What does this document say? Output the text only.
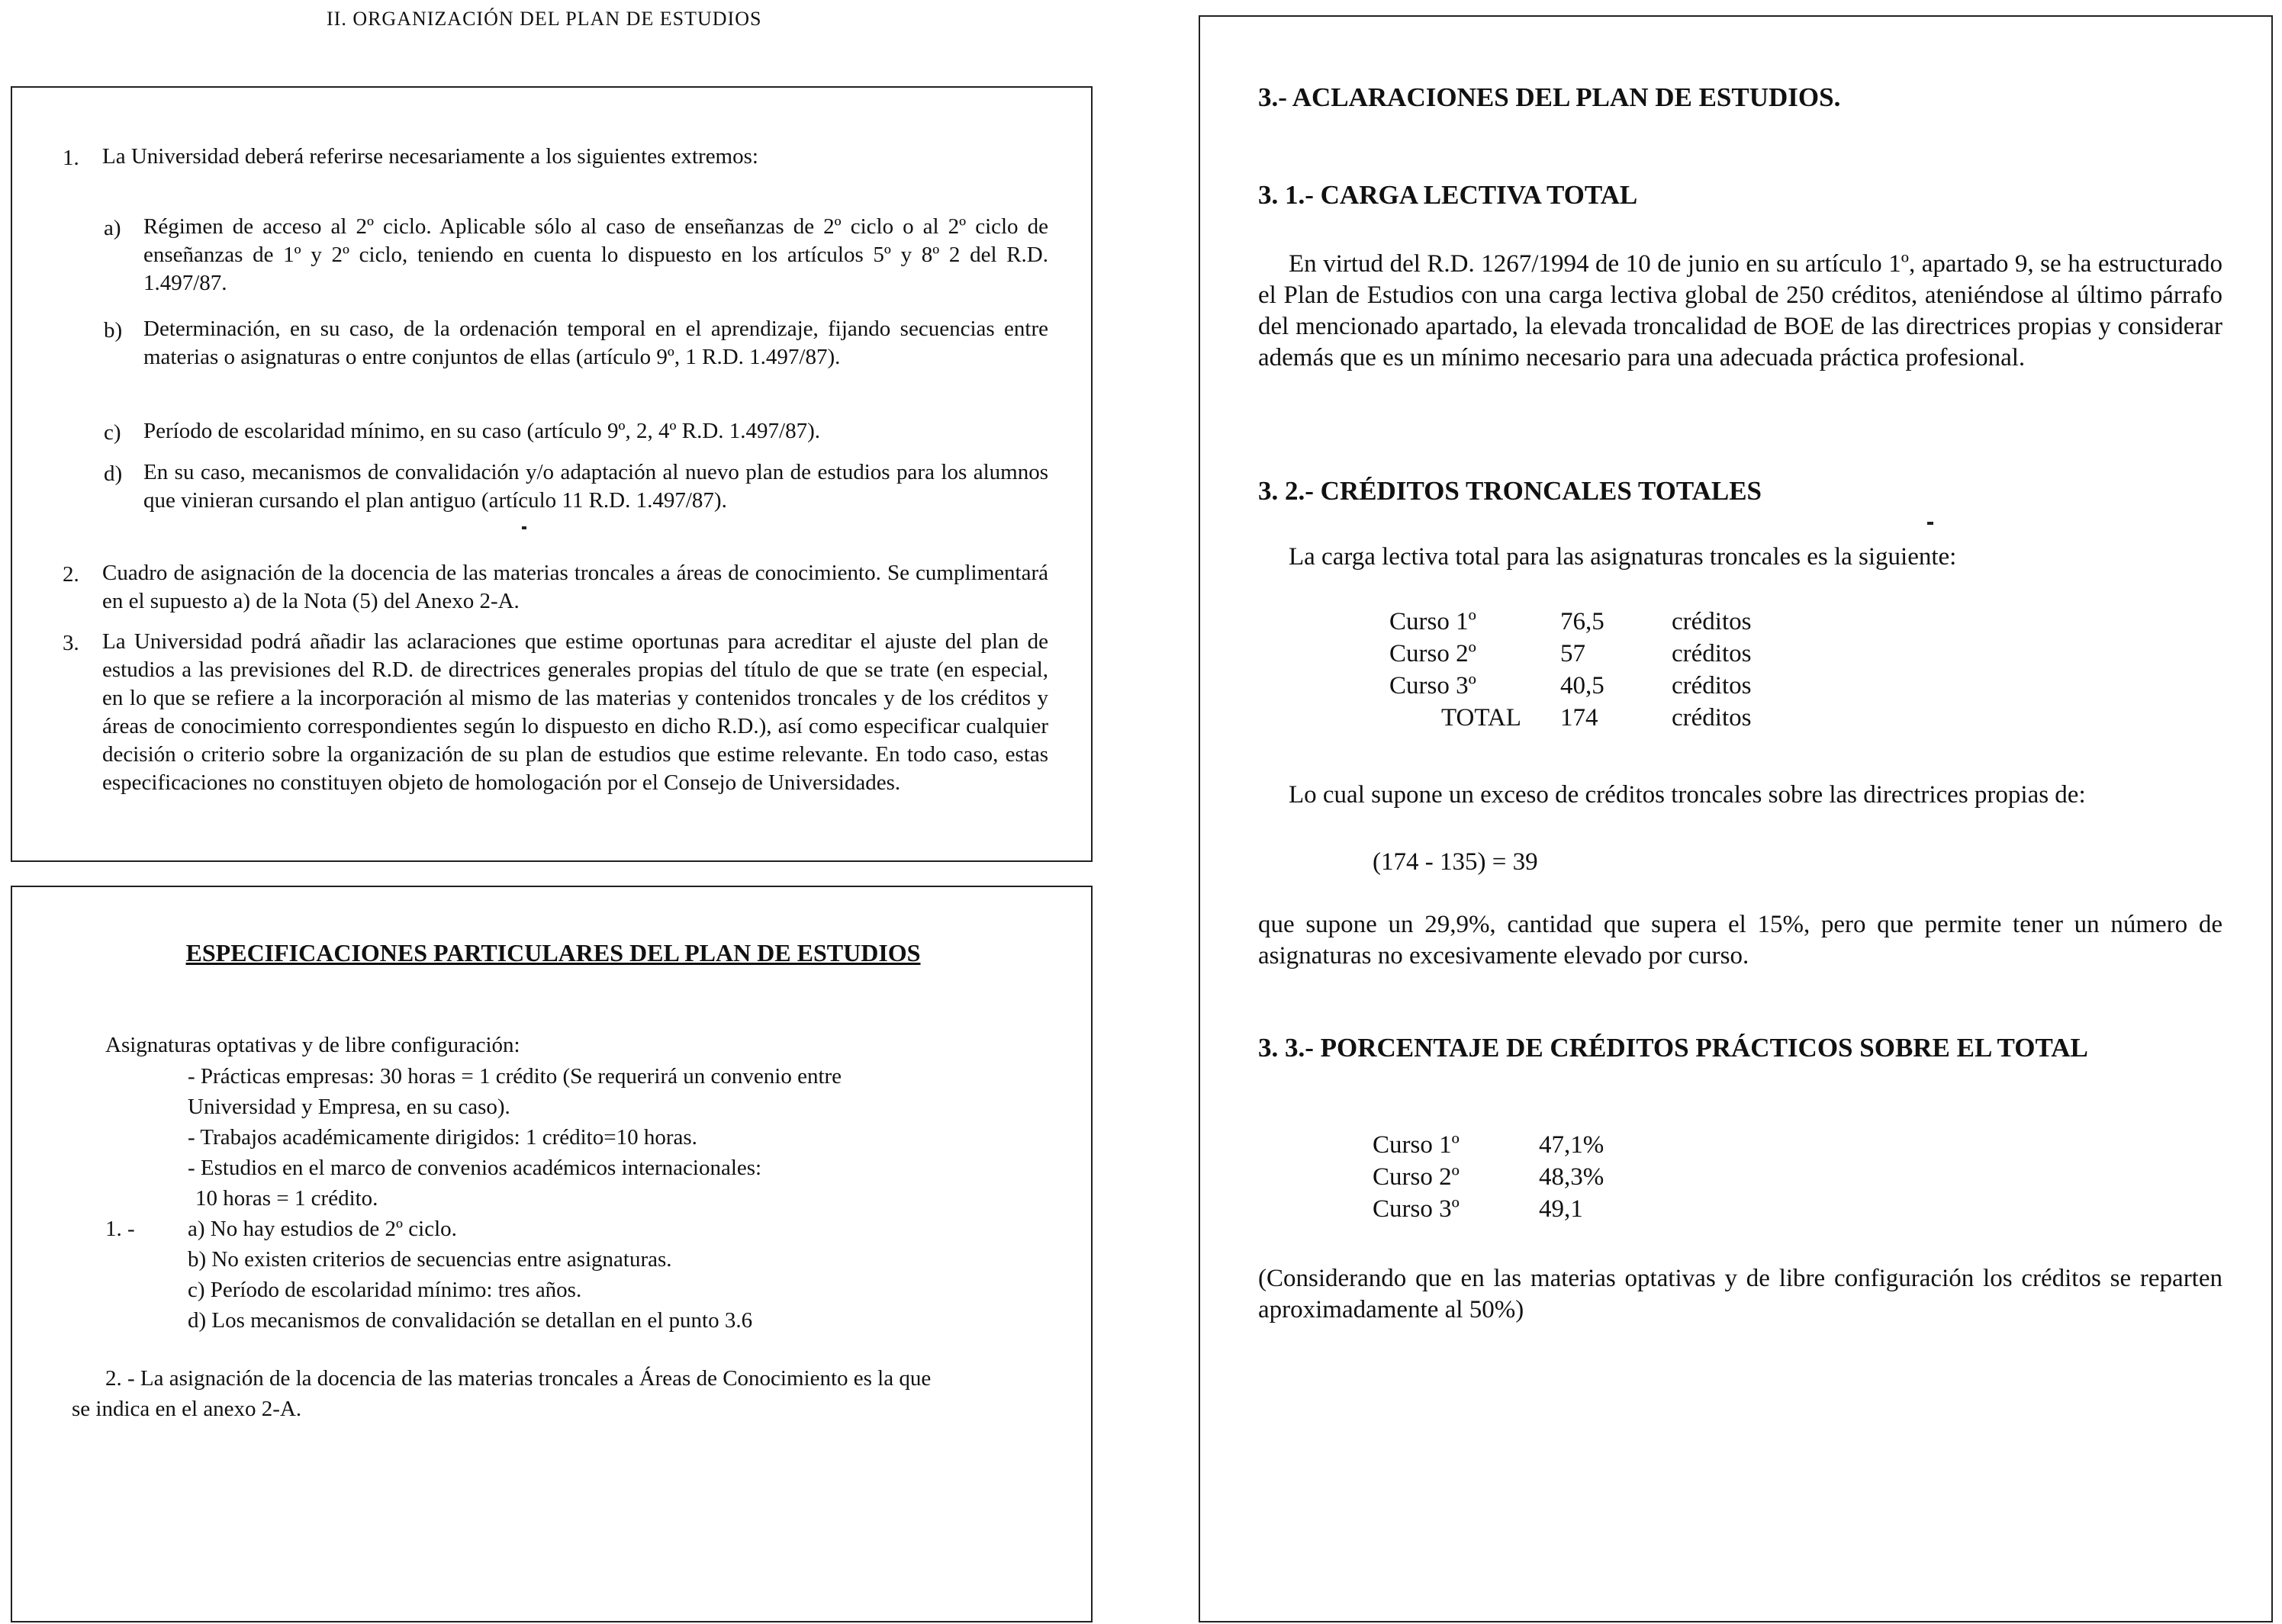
II. ORGANIZACIÓN DEL PLAN DE ESTUDIOS
1. La Universidad deberá referirse necesariamente a los siguientes extremos:
a) Régimen de acceso al 2º ciclo. Aplicable sólo al caso de enseñanzas de 2º ciclo o al 2º ciclo de enseñanzas de 1º y 2º ciclo, teniendo en cuenta lo dispuesto en los artículos 5º y 8º 2 del R.D. 1.497/87.
b) Determinación, en su caso, de la ordenación temporal en el aprendizaje, fijando secuencias entre materias o asignaturas o entre conjuntos de ellas (artículo 9º, 1 R.D. 1.497/87).
c) Período de escolaridad mínimo, en su caso (artículo 9º, 2, 4º R.D. 1.497/87).
d) En su caso, mecanismos de convalidación y/o adaptación al nuevo plan de estudios para los alumnos que vinieran cursando el plan antiguo (artículo 11 R.D. 1.497/87).
2. Cuadro de asignación de la docencia de las materias troncales a áreas de conocimiento. Se cumplimentará en el supuesto a) de la Nota (5) del Anexo 2-A.
3. La Universidad podrá añadir las aclaraciones que estime oportunas para acreditar el ajuste del plan de estudios a las previsiones del R.D. de directrices generales propias del título de que se trate (en especial, en lo que se refiere a la incorporación al mismo de las materias y contenidos troncales y de los créditos y áreas de conocimiento correspondientes según lo dispuesto en dicho R.D.), así como especificar cualquier decisión o criterio sobre la organización de su plan de estudios que estime relevante. En todo caso, estas especificaciones no constituyen objeto de homologación por el Consejo de Universidades.
ESPECIFICACIONES PARTICULARES DEL PLAN DE ESTUDIOS
Asignaturas optativas y de libre configuración:
- Prácticas empresas: 30 horas = 1 crédito (Se requerirá un convenio entre
Universidad y Empresa, en su caso).
- Trabajos académicamente dirigidos: 1 crédito=10 horas.
- Estudios en el marco de convenios académicos internacionales:
10 horas = 1 crédito.
1. - a) No hay estudios de 2º ciclo.
b) No existen criterios de secuencias entre asignaturas.
c) Período de escolaridad mínimo: tres años.
d) Los mecanismos de convalidación se detallan en el punto 3.6
2. - La asignación de la docencia de las materias troncales a Áreas de Conocimiento es la que
se indica en el anexo 2-A.
3.- ACLARACIONES DEL PLAN DE ESTUDIOS.
3. 1.- CARGA LECTIVA TOTAL
En virtud del R.D. 1267/1994 de 10 de junio en su artículo 1º, apartado 9, se ha estructurado el Plan de Estudios con una carga lectiva global de 250 créditos, ateniéndose al último párrafo del mencionado apartado, la elevada troncalidad de BOE de las directrices propias y considerar además que es un mínimo necesario para una adecuada práctica profesional.
3. 2.- CRÉDITOS TRONCALES TOTALES
La carga lectiva total para las asignaturas troncales es la siguiente:
Curso 1º	76,5	créditos
Curso 2º	57	créditos
Curso 3º	40,5	créditos
TOTAL 174	créditos
Lo cual supone un exceso de créditos troncales sobre las directrices propias de:
(174 - 135) = 39
que supone un 29,9%, cantidad que supera el 15%, pero que permite tener un número de asignaturas no excesivamente elevado por curso.
3. 3.- PORCENTAJE DE CRÉDITOS PRÁCTICOS SOBRE EL TOTAL
Curso 1º	47,1%
Curso 2º	48,3%
Curso 3º	49,1
(Considerando que en las materias optativas y de libre configuración los créditos se reparten aproximadamente al 50%)
